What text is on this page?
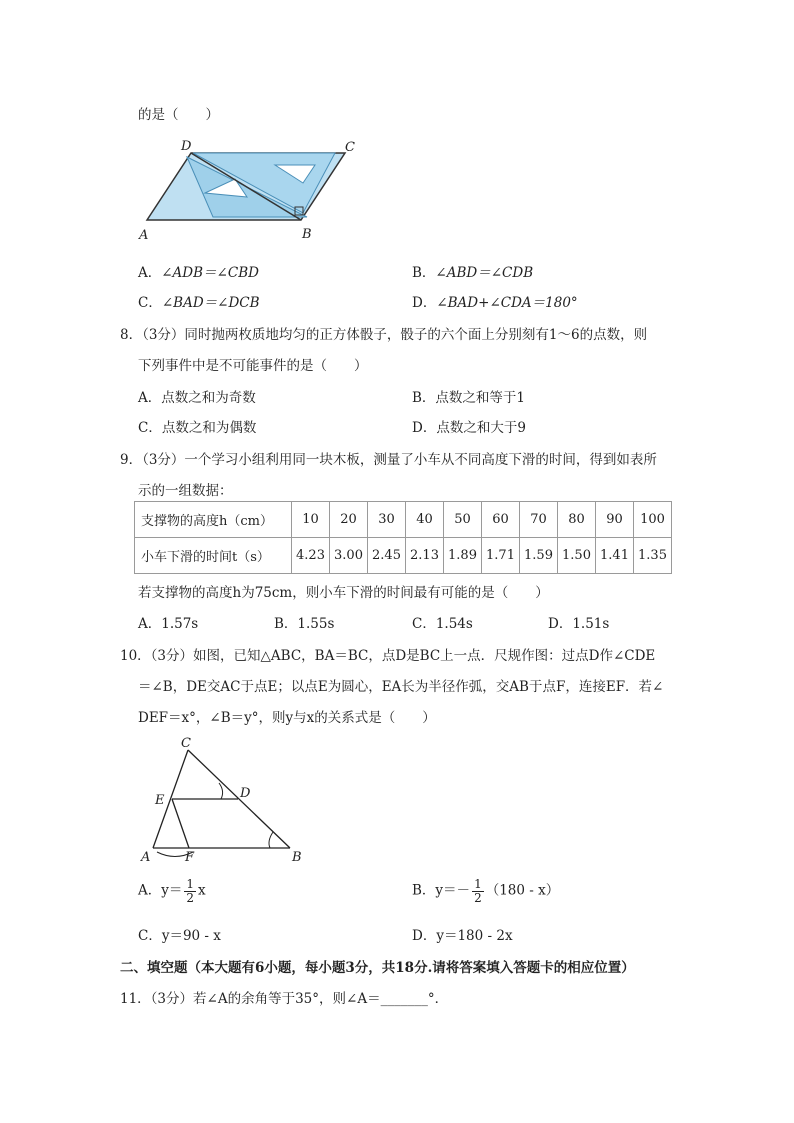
的是（　　）
D	C
A	B
A．∠ADB＝∠CBD	B．∠ABD＝∠CDB
C．∠BAD＝∠DCB	D．∠BAD+∠CDA＝180°
8．（3分）同时抛两枚质地均匀的正方体骰子，骰子的六个面上分别刻有1～6的点数，则
下列事件中是不可能事件的是（　　）
A．点数之和为奇数	B．点数之和等于1
C．点数之和为偶数	D．点数之和大于9
9．（3分）一个学习小组利用同一块木板，测量了小车从不同高度下滑的时间，得到如表所
示的一组数据：
支撑物的高度h（cm）	10	20	30	40	50	60	70	80	90	100
小车下滑的时间t（s）	4.23	3.00	2.45	2.13	1.89	1.71	1.59	1.50	1.41	1.35
若支撑物的高度h为75cm，则小车下滑的时间最有可能的是（　　）
A．1.57s	B．1.55s	C．1.54s	D．1.51s
10．（3分）如图，已知△ABC，BA＝BC，点D是BC上一点．尺规作图：过点D作∠CDE
＝∠B，DE交AC于点E；以点E为圆心，EA长为半径作弧，交AB于点F，连接EF．若∠
DEF＝x°，∠B＝y°，则y与x的关系式是（　　）
C
E	D
A	F	B
A．$y= \frac{1}{2}$ x	B．$y=- \frac{1}{2} (180 - x)$
C．y＝90 - x	D．y＝180 - 2x
二、填空题（本大题有6小题，每小题3分，共18分.请将答案填入答题卡的相应位置）
11．（3分）若∠A的余角等于35°，则∠A＝_______°．
